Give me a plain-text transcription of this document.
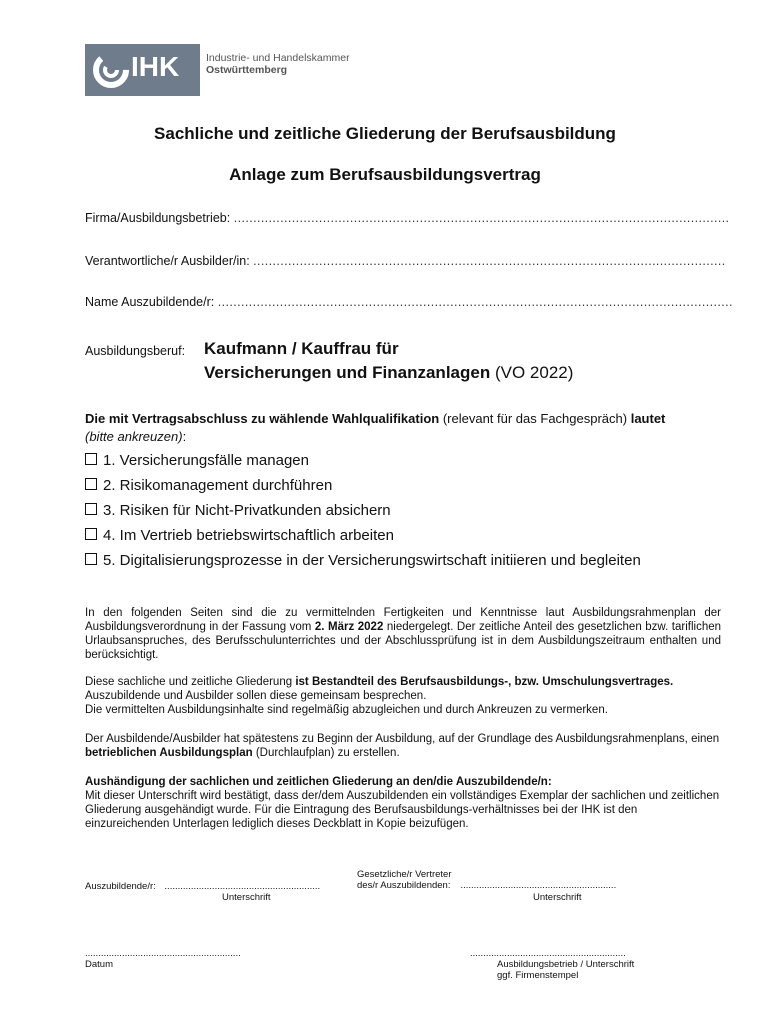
IHK	Industrie- und Handelskammer
Ostwürttemberg
Sachliche und zeitliche Gliederung der Berufsausbildung
Anlage zum Berufsausbildungsvertrag
Firma/Ausbildungsbetrieb: ................................................................................................................................
Verantwortliche/r Ausbilder/in: ..........................................................................................................................
Name Auszubildende/r: .....................................................................................................................................
Ausbildungsberuf: Kaufmann / Kauffrau für
Versicherungen und Finanzanlagen (VO 2022)
Die mit Vertragsabschluss zu wählende Wahlqualifikation (relevant für das Fachgespräch) lautet
(bitte ankreuzen):
1. Versicherungsfälle managen
2. Risikomanagement durchführen
3. Risiken für Nicht-Privatkunden absichern
4. Im Vertrieb betriebswirtschaftlich arbeiten
5. Digitalisierungsprozesse in der Versicherungswirtschaft initiieren und begleiten

In den folgenden Seiten sind die zu vermittelnden Fertigkeiten und Kenntnisse laut Ausbildungsrahmenplan der Ausbildungsverordnung in der Fassung vom 2. März 2022 niedergelegt. Der zeitliche Anteil des gesetzlichen bzw. tariflichen Urlaubsanspruches, des Berufsschulunterrichtes und der Abschlussprüfung ist in dem Ausbildungszeitraum enthalten und berücksichtigt.

Diese sachliche und zeitliche Gliederung ist Bestandteil des Berufsausbildungs-, bzw. Umschulungsvertrages. Auszubildende und Ausbilder sollen diese gemeinsam besprechen.

Die vermittelten Ausbildungsinhalte sind regelmäßig abzugleichen und durch Ankreuzen zu vermerken.

Der Ausbildende/Ausbilder hat spätestens zu Beginn der Ausbildung, auf der Grundlage des Ausbildungsrahmenplans, einen betrieblichen Ausbildungsplan (Durchlaufplan) zu erstellen.

Aushändigung der sachlichen und zeitlichen Gliederung an den/die Auszubildende/n:

Mit dieser Unterschrift wird bestätigt, dass der/dem Auszubildenden ein vollständiges Exemplar der sachlichen und zeitlichen Gliederung ausgehändigt wurde. Für die Eintragung des Berufsausbildungs-verhältnisses bei der IHK ist den einzureichenden Unterlagen lediglich dieses Deckblatt in Kopie beizufügen.

Auszubildende/r: ...........................................................
Unterschrift
Gesetzliche/r Vertreter
des/r Auszubildenden: ...........................................................
Unterschrift
...........................................................
Datum
...........................................................
Ausbildungsbetrieb / Unterschrift
ggf. Firmenstempel
